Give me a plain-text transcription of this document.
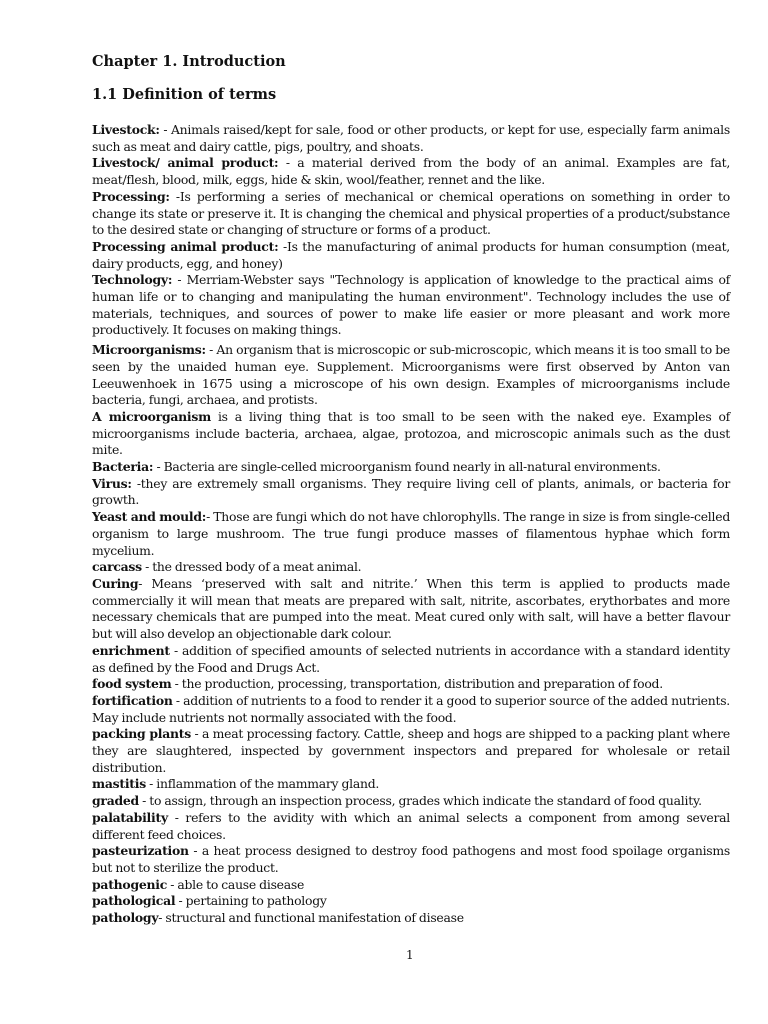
Chapter 1. Introduction
1.1 Definition of terms

Livestock: - Animals raised/kept for sale, food or other products, or kept for use, especially farm animals such as meat and dairy cattle, pigs, poultry, and shoats.

Livestock/ animal product: - a material derived from the body of an animal. Examples are fat, meat/flesh, blood, milk, eggs, hide & skin, wool/feather, rennet and the like.

Processing: -Is performing a series of mechanical or chemical operations on something in order to change its state or preserve it. It is changing the chemical and physical properties of a product/substance to the desired state or changing of structure or forms of a product.

Processing animal product: -Is the manufacturing of animal products for human consumption (meat, dairy products, egg, and honey)

Technology: - Merriam-Webster says "Technology is application of knowledge to the practical aims of human life or to changing and manipulating the human environment". Technology includes the use of materials, techniques, and sources of power to make life easier or more pleasant and work more productively. It focuses on making things.

Microorganisms: - An organism that is microscopic or sub-microscopic, which means it is too small to be seen by the unaided human eye. Supplement. Microorganisms were first observed by Anton van Leeuwenhoek in 1675 using a microscope of his own design. Examples of microorganisms include bacteria, fungi, archaea, and protists.

A microorganism is a living thing that is too small to be seen with the naked eye. Examples of microorganisms include bacteria, archaea, algae, protozoa, and microscopic animals such as the dust mite.

Bacteria: - Bacteria are single-celled microorganism found nearly in all-natural environments.

Virus: -they are extremely small organisms. They require living cell of plants, animals, or bacteria for growth.

Yeast and mould:- Those are fungi which do not have chlorophylls. The range in size is from single-celled organism to large mushroom. The true fungi produce masses of filamentous hyphae which form mycelium.

carcass - the dressed body of a meat animal.

Curing- Means ‘preserved with salt and nitrite.’ When this term is applied to products made commercially it will mean that meats are prepared with salt, nitrite, ascorbates, erythorbates and more necessary chemicals that are pumped into the meat. Meat cured only with salt, will have a better flavour but will also develop an objectionable dark colour.

enrichment - addition of specified amounts of selected nutrients in accordance with a standard identity as defined by the Food and Drugs Act.

food system - the production, processing, transportation, distribution and preparation of food.

fortification - addition of nutrients to a food to render it a good to superior source of the added nutrients. May include nutrients not normally associated with the food.

packing plants - a meat processing factory. Cattle, sheep and hogs are shipped to a packing plant where they are slaughtered, inspected by government inspectors and prepared for wholesale or retail distribution.

mastitis - inflammation of the mammary gland.

graded - to assign, through an inspection process, grades which indicate the standard of food quality.

palatability - refers to the avidity with which an animal selects a component from among several different feed choices.

pasteurization - a heat process designed to destroy food pathogens and most food spoilage organisms but not to sterilize the product.

pathogenic - able to cause disease

pathological - pertaining to pathology

pathology- structural and functional manifestation of disease

1
